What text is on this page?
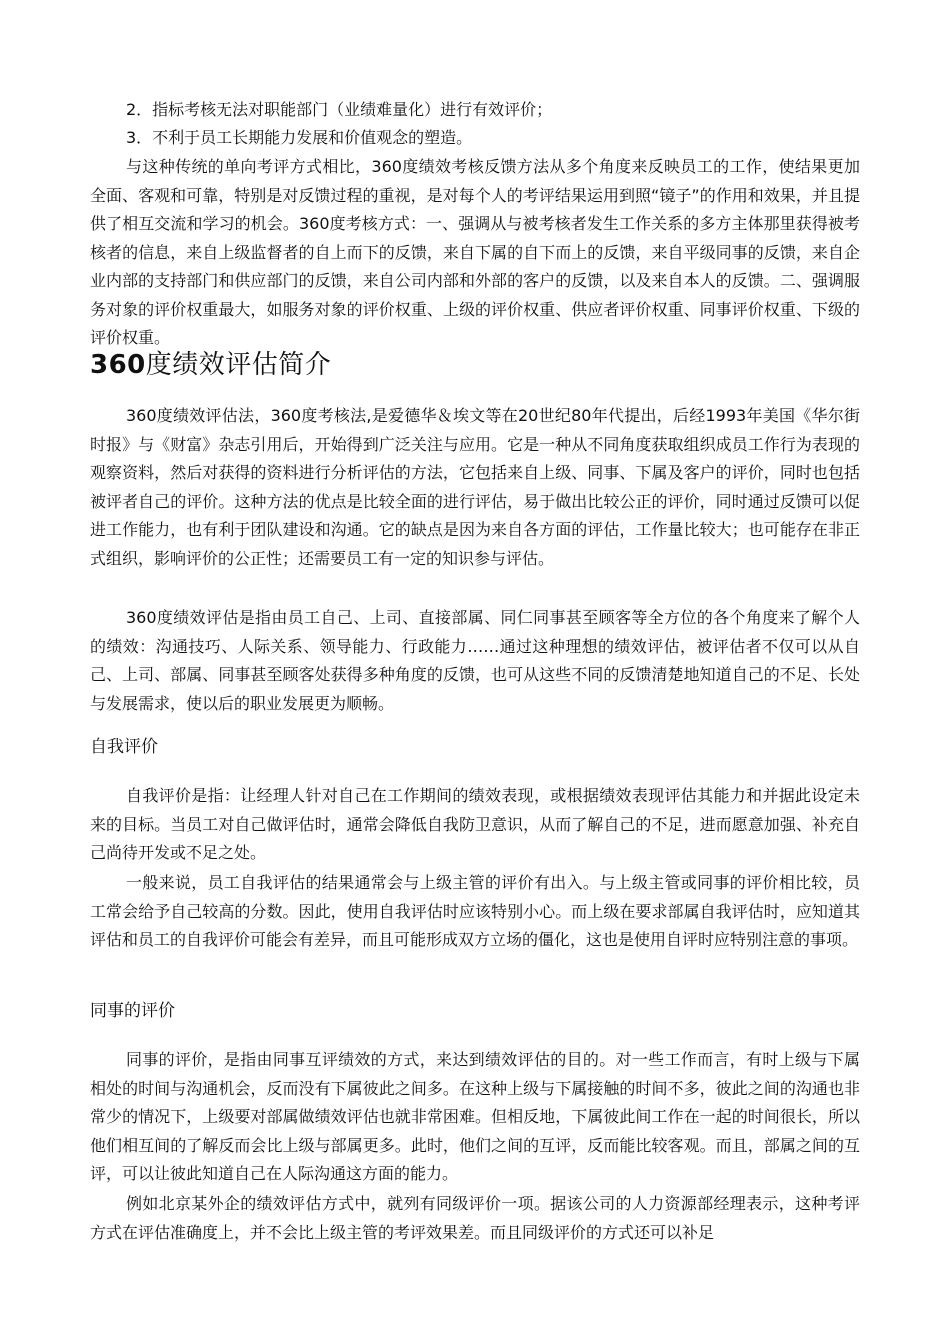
2．指标考核无法对职能部门（业绩难量化）进行有效评价；

3．不利于员工长期能力发展和价值观念的塑造。

与这种传统的单向考评方式相比，360度绩效考核反馈方法从多个角度来反映员工的工作，使结果更加全面、客观和可靠，特别是对反馈过程的重视，是对每个人的考评结果运用到照“镜子”的作用和效果，并且提供了相互交流和学习的机会。360度考核方式：一、强调从与被考核者发生工作关系的多方主体那里获得被考核者的信息，来自上级监督者的自上而下的反馈，来自下属的自下而上的反馈，来自平级同事的反馈，来自企业内部的支持部门和供应部门的反馈，来自公司内部和外部的客户的反馈，以及来自本人的反馈。二、强调服务对象的评价权重最大，如服务对象的评价权重、上级的评价权重、供应者评价权重、同事评价权重、下级的评价权重。

360度绩效评估简介

360度绩效评估法，360度考核法,是爱德华＆埃文等在20世纪80年代提出，后经1993年美国《华尔街时报》与《财富》杂志引用后，开始得到广泛关注与应用。它是一种从不同角度获取组织成员工作行为表现的观察资料，然后对获得的资料进行分析评估的方法，它包括来自上级、同事、下属及客户的评价，同时也包括被评者自己的评价。这种方法的优点是比较全面的进行评估，易于做出比较公正的评价，同时通过反馈可以促进工作能力，也有利于团队建设和沟通。它的缺点是因为来自各方面的评估，工作量比较大；也可能存在非正式组织，影响评价的公正性；还需要员工有一定的知识参与评估。

360度绩效评估是指由员工自己、上司、直接部属、同仁同事甚至顾客等全方位的各个角度来了解个人的绩效：沟通技巧、人际关系、领导能力、行政能力……通过这种理想的绩效评估，被评估者不仅可以从自己、上司、部属、同事甚至顾客处获得多种角度的反馈，也可从这些不同的反馈清楚地知道自己的不足、长处与发展需求，使以后的职业发展更为顺畅。

自我评价

自我评价是指：让经理人针对自己在工作期间的绩效表现，或根据绩效表现评估其能力和并据此设定未来的目标。当员工对自己做评估时，通常会降低自我防卫意识，从而了解自己的不足，进而愿意加强、补充自己尚待开发或不足之处。

一般来说，员工自我评估的结果通常会与上级主管的评价有出入。与上级主管或同事的评价相比较，员工常会给予自己较高的分数。因此，使用自我评估时应该特别小心。而上级在要求部属自我评估时，应知道其评估和员工的自我评价可能会有差异，而且可能形成双方立场的僵化，这也是使用自评时应特别注意的事项。

同事的评价

同事的评价，是指由同事互评绩效的方式，来达到绩效评估的目的。对一些工作而言，有时上级与下属相处的时间与沟通机会，反而没有下属彼此之间多。在这种上级与下属接触的时间不多，彼此之间的沟通也非常少的情况下，上级要对部属做绩效评估也就非常困难。但相反地，下属彼此间工作在一起的时间很长，所以他们相互间的了解反而会比上级与部属更多。此时，他们之间的互评，反而能比较客观。而且，部属之间的互评，可以让彼此知道自己在人际沟通这方面的能力。

例如北京某外企的绩效评估方式中，就列有同级评价一项。据该公司的人力资源部经理表示，这种考评方式在评估准确度上，并不会比上级主管的考评效果差。而且同级评价的方式还可以补足
